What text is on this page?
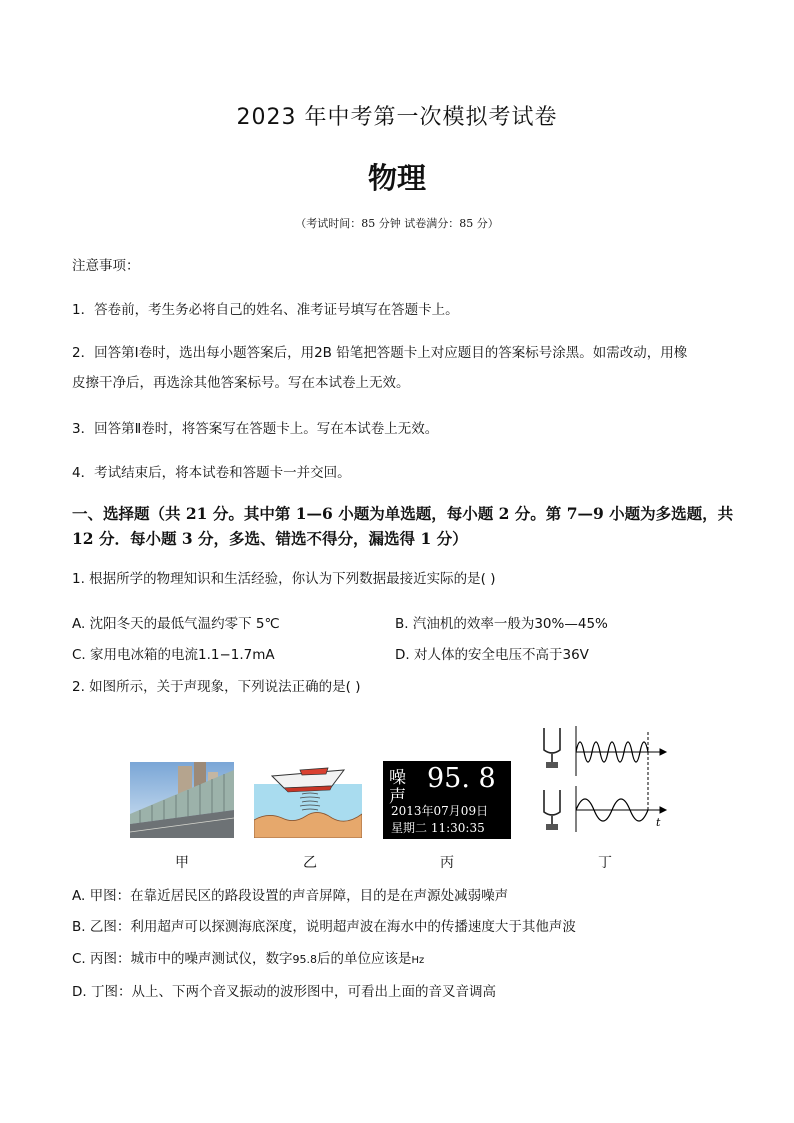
2023 年中考第一次模拟考试卷
物理
（考试时间：85 分钟 试卷满分：85 分）
注意事项：
1．答卷前，考生务必将自己的姓名、准考证号填写在答题卡上。
2．回答第Ⅰ卷时，选出每小题答案后，用2B 铅笔把答题卡上对应题目的答案标号涂黑。如需改动，用橡
皮擦干净后，再选涂其他答案标号。写在本试卷上无效。
3．回答第Ⅱ卷时，将答案写在答题卡上。写在本试卷上无效。
4．考试结束后，将本试卷和答题卡一并交回。
一、选择题（共 21 分。其中第 1—6 小题为单选题，每小题 2 分。第 7—9 小题为多选题，共
12 分．每小题 3 分，多选、错选不得分，漏选得 1 分）
1. 根据所学的物理知识和生活经验，你认为下列数据最接近实际的是( )
A. 沈阳冬天的最低气温约零下 5℃	B. 汽油机的效率一般为30%—45%
C. 家用电冰箱的电流1.1−1.7mA	D. 对人体的安全电压不高于36V
2. 如图所示，关于声现象，下列说法正确的是( )
噪
声
95. 8
2013年07月09日
星期二 11:30:35	t
甲	乙	丙	丁
A. 甲图：在靠近居民区的路段设置的声音屏障，目的是在声源处减弱噪声
B. 乙图：利用超声可以探测海底深度，说明超声波在海水中的传播速度大于其他声波
C. 丙图：城市中的噪声测试仪，数字95.8后的单位应该是Hz
D. 丁图：从上、下两个音叉振动的波形图中，可看出上面的音叉音调高
